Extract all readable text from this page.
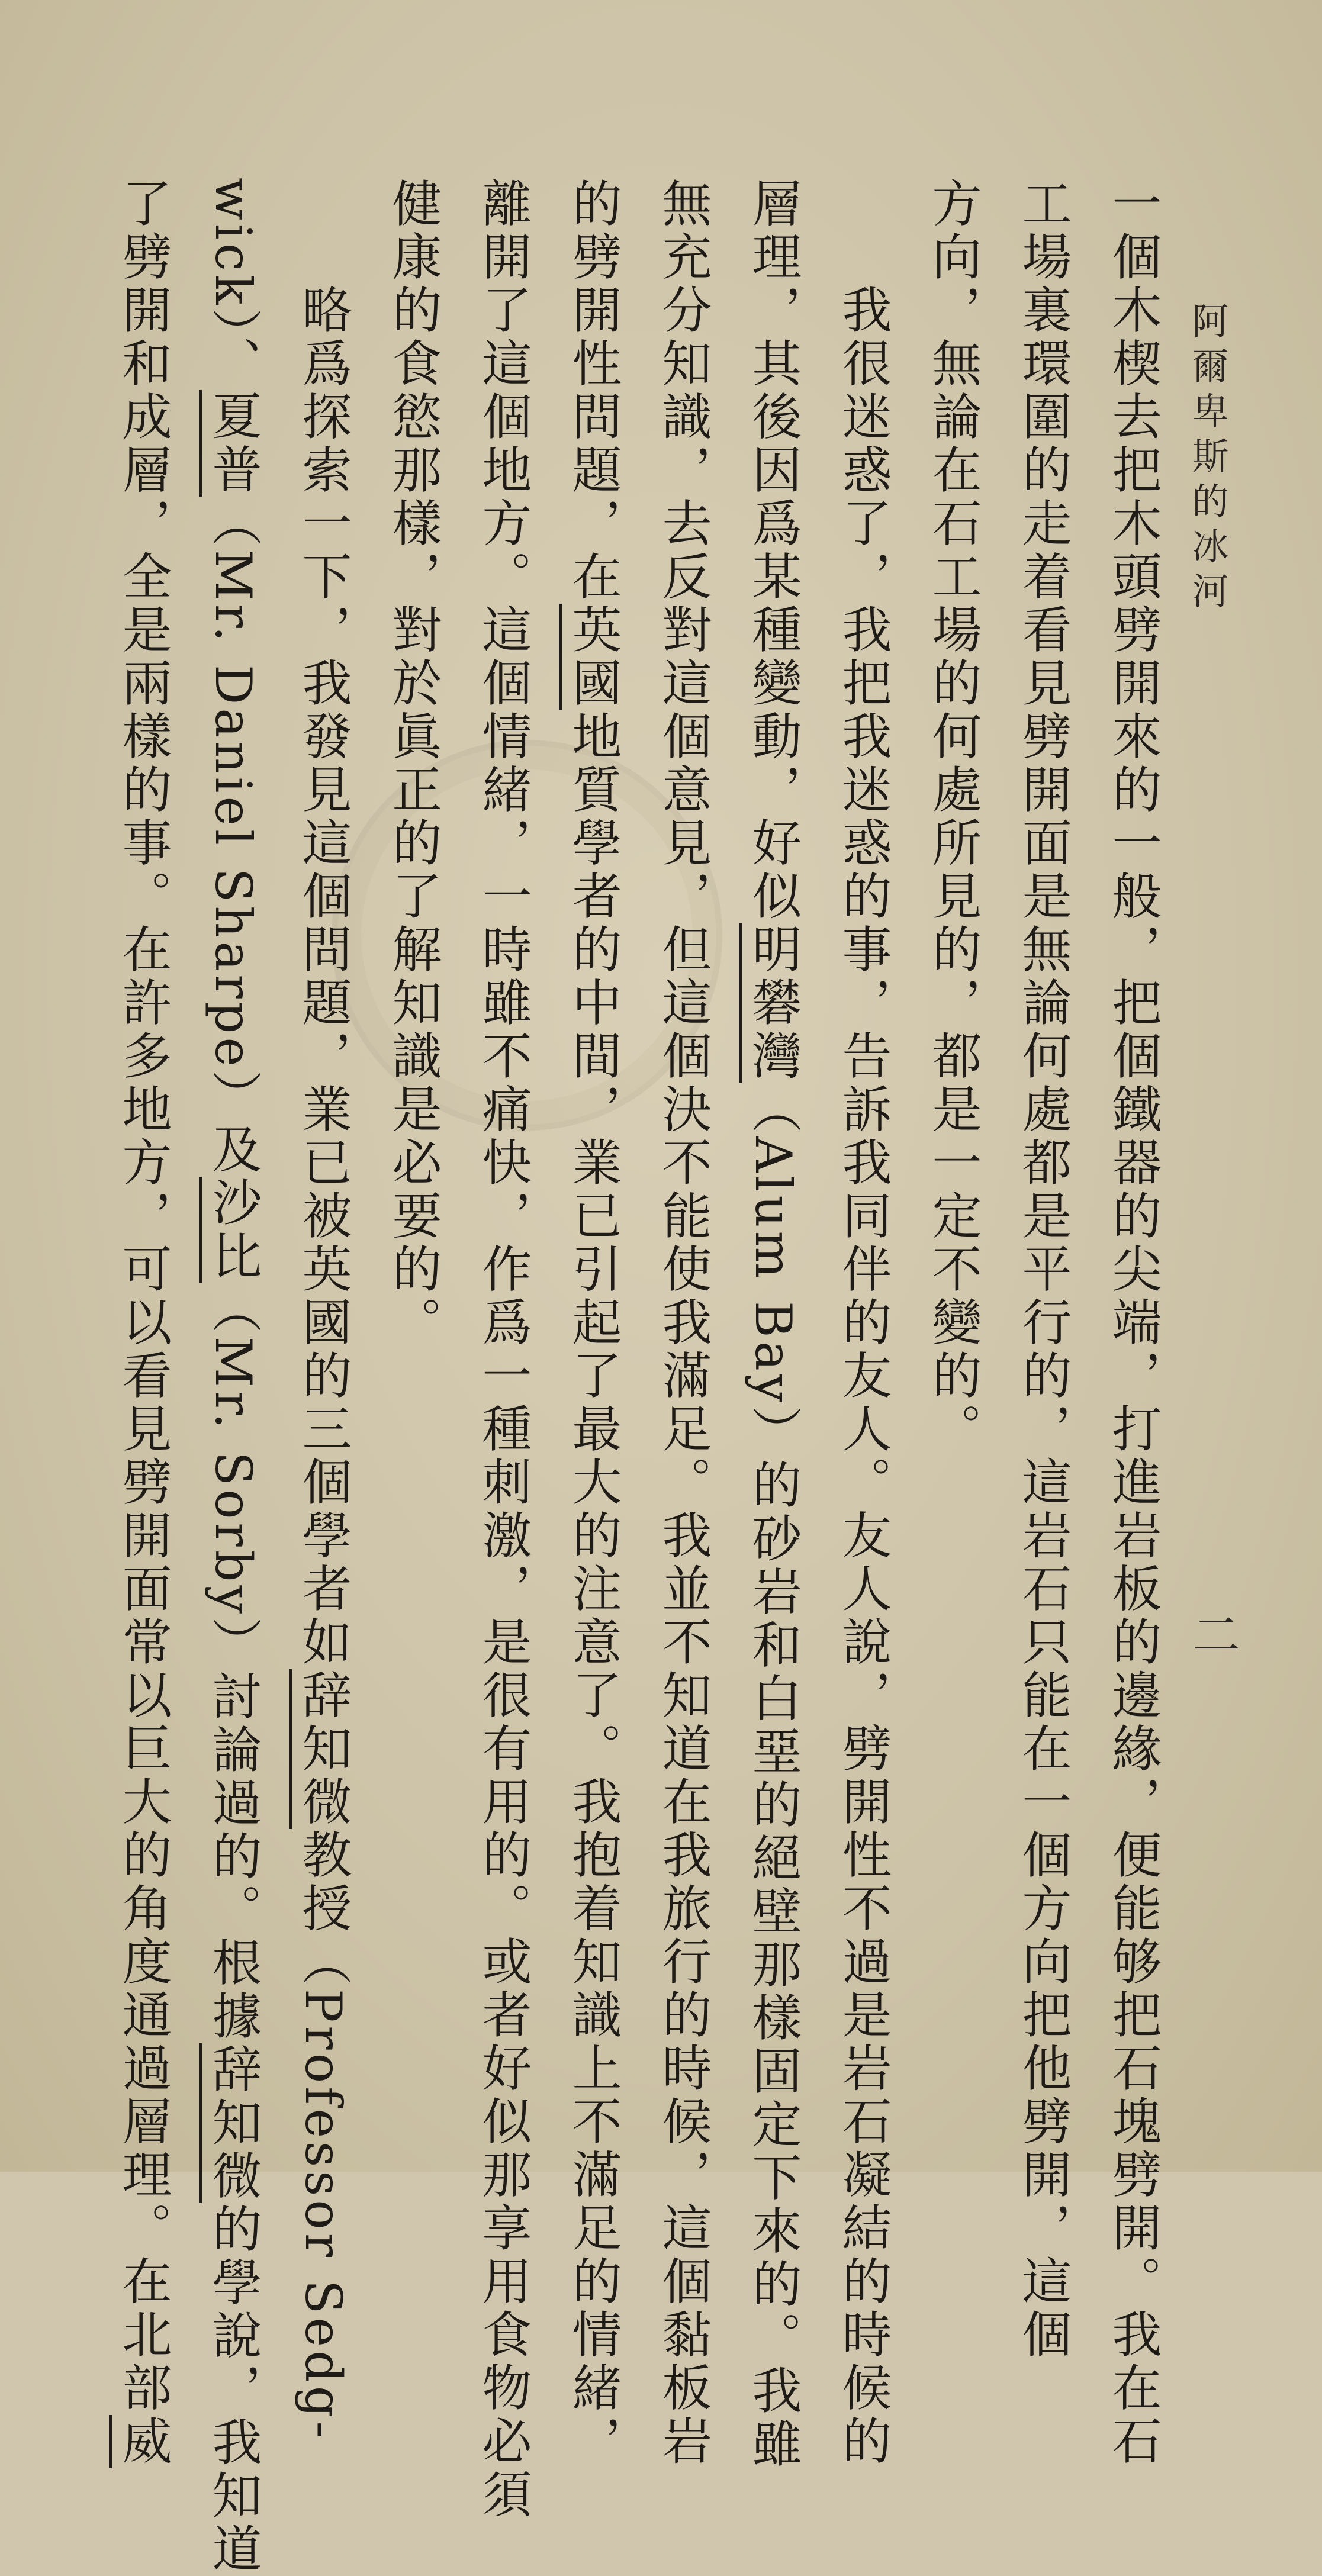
阿爾卑斯的冰河
二
一個木楔去把木頭劈開來的一般，把個鐵器的尖端，打進岩板的邊緣，便能够把石塊劈開。我在石
工場裏環圍的走着看見劈開面是無論何處都是平行的，這岩石只能在一個方向把他劈開，這個
方向，無論在石工場的何處所見的，都是一定不變的。
　　我很迷惑了，我把我迷惑的事，告訴我同伴的友人。友人說，劈開性不過是岩石凝結的時候的
層理，其後因爲某種變動，好似明礬灣（Alum Bay）的砂岩和白堊的絕壁那樣固定下來的。我雖
無充分知識，去反對這個意見，但這個決不能使我滿足。我並不知道在我旅行的時候，這個黏板岩
的劈開性問題，在英國地質學者的中間，業已引起了最大的注意了。我抱着知識上不滿足的情緒，
離開了這個地方。這個情緒，一時雖不痛快，作爲一種刺激，是很有用的。或者好似那享用食物必須
健康的食慾那樣，對於眞正的了解知識是必要的。
　　略爲探索一下，我發見這個問題，業已被英國的三個學者如辞知微教授（Professor Sedg-
wick）、夏普（Mr. Daniel Sharpe）及沙比（Mr. Sorby）討論過的。根據辞知微的學說，我知道
了劈開和成層，全是兩樣的事。在許多地方，可以看見劈開面常以巨大的角度通過層理。在北部威
